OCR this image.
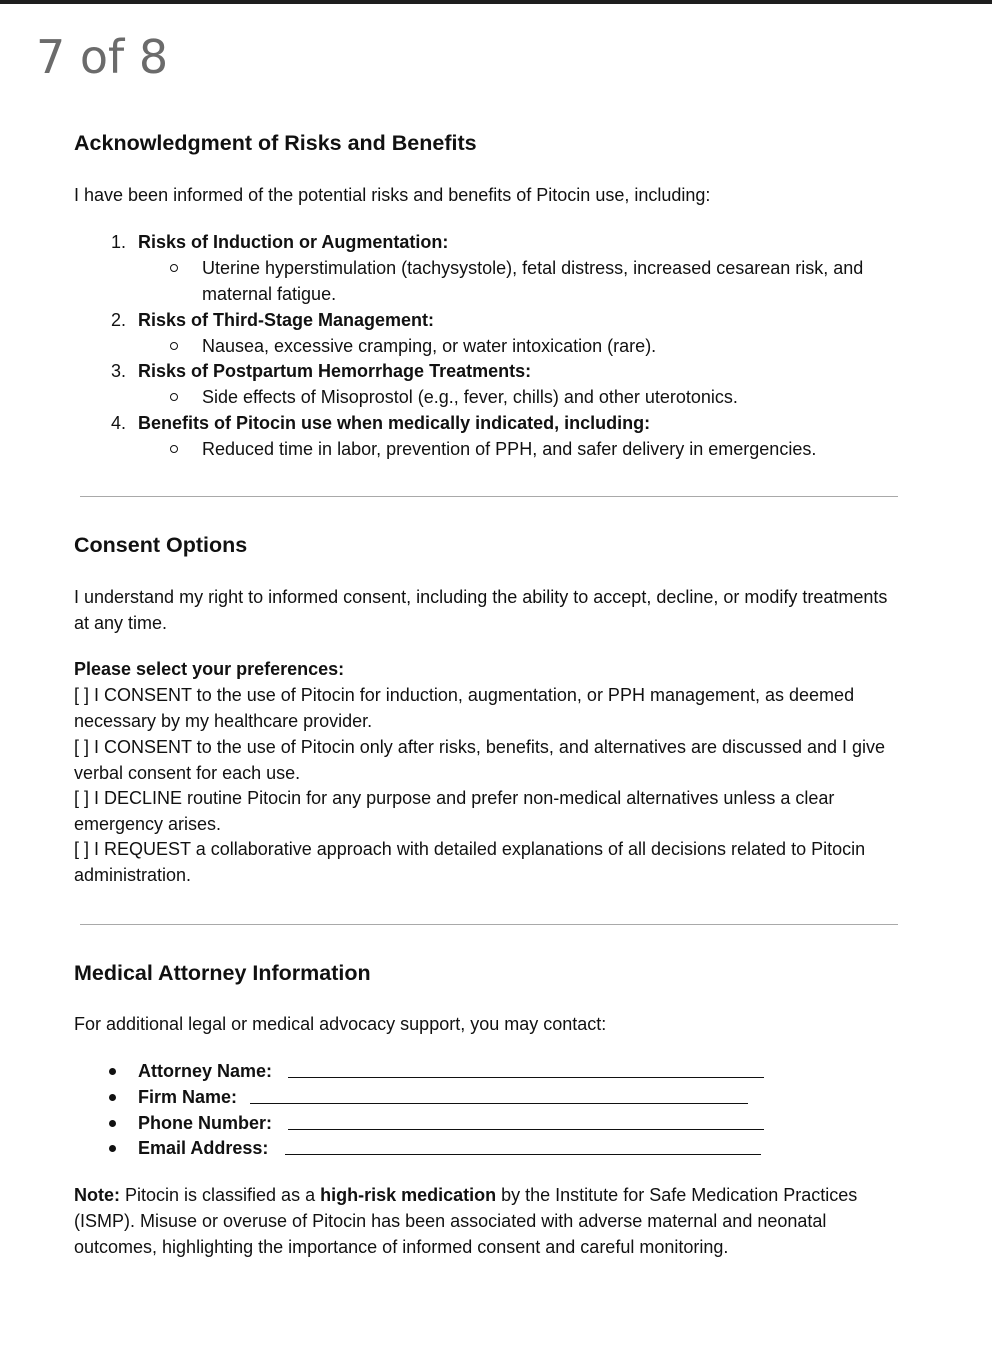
7 of 8
Acknowledgment of Risks and Benefits
I have been informed of the potential risks and benefits of Pitocin use, including:
1. Risks of Induction or Augmentation:
Uterine hyperstimulation (tachysystole), fetal distress, increased cesarean risk, and maternal fatigue.
2. Risks of Third-Stage Management:
Nausea, excessive cramping, or water intoxication (rare).
3. Risks of Postpartum Hemorrhage Treatments:
Side effects of Misoprostol (e.g., fever, chills) and other uterotonics.
4. Benefits of Pitocin use when medically indicated, including:
Reduced time in labor, prevention of PPH, and safer delivery in emergencies.
Consent Options
I understand my right to informed consent, including the ability to accept, decline, or modify treatments at any time.
Please select your preferences:
[ ] I CONSENT to the use of Pitocin for induction, augmentation, or PPH management, as deemed necessary by my healthcare provider.
[ ] I CONSENT to the use of Pitocin only after risks, benefits, and alternatives are discussed and I give verbal consent for each use.
[ ] I DECLINE routine Pitocin for any purpose and prefer non-medical alternatives unless a clear emergency arises.
[ ] I REQUEST a collaborative approach with detailed explanations of all decisions related to Pitocin administration.
Medical Attorney Information
For additional legal or medical advocacy support, you may contact:
Attorney Name:
Firm Name:
Phone Number:
Email Address:
Note: Pitocin is classified as a high-risk medication by the Institute for Safe Medication Practices (ISMP). Misuse or overuse of Pitocin has been associated with adverse maternal and neonatal outcomes, highlighting the importance of informed consent and careful monitoring.
